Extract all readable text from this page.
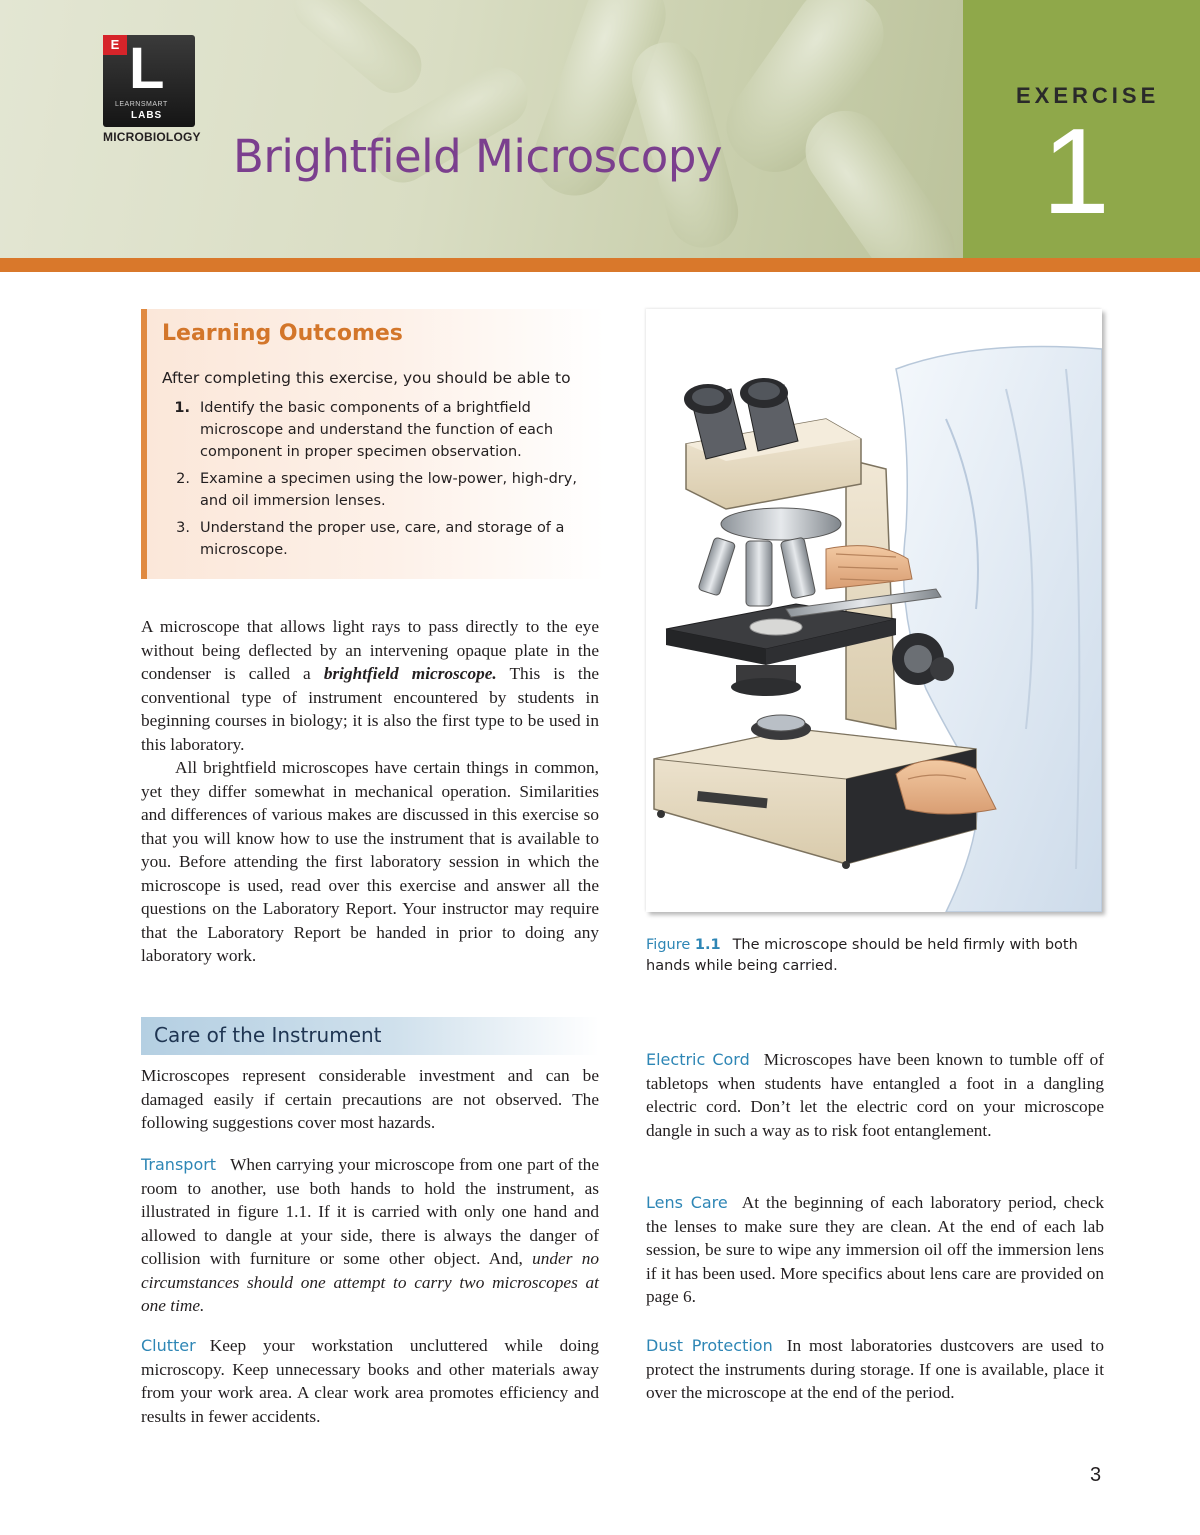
E L
LEARNSMART
LABS
MICROBIOLOGY Brightfield Microscopy
EXERCISE
1
Learning Outcomes
After completing this exercise, you should be able to
1. Identify the basic components of a brightfield microscope and understand the function of each component in proper specimen observation.
2. Examine a specimen using the low-power, high-dry, and oil immersion lenses.
3. Understand the proper use, care, and storage of a microscope.

A microscope that allows light rays to pass directly to the eye without being deflected by an intervening opaque plate in the condenser is called a brightfield microscope. This is the conventional type of instrument encountered by students in beginning courses in biology; it is also the first type to be used in this laboratory.

All brightfield microscopes have certain things in common, yet they differ somewhat in mechanical operation. Similarities and differences of various makes are discussed in this exercise so that you will know how to use the instrument that is available to you. Before attending the first laboratory session in which the microscope is used, read over this exercise and answer all the questions on the Laboratory Report. Your instructor may require that the Laboratory Report be handed in prior to doing any laboratory work.

Care of the Instrument

Microscopes represent considerable investment and can be damaged easily if certain precautions are not observed. The following suggestions cover most hazards.

Transport When carrying your microscope from one part of the room to another, use both hands to hold the instrument, as illustrated in figure 1.1. If it is carried with only one hand and allowed to dangle at your side, there is always the danger of collision with furniture or some other object. And, under no circumstances should one attempt to carry two microscopes at one time.

Clutter Keep your workstation uncluttered while doing microscopy. Keep unnecessary books and other materials away from your work area. A clear work area promotes efficiency and results in fewer accidents.

Figure 1.1 The microscope should be held firmly with both hands while being carried.

Electric Cord Microscopes have been known to tumble off of tabletops when students have entangled a foot in a dangling electric cord. Don’t let the electric cord on your microscope dangle in such a way as to risk foot entanglement.

Lens Care At the beginning of each laboratory period, check the lenses to make sure they are clean. At the end of each lab session, be sure to wipe any immersion oil off the immersion lens if it has been used. More specifics about lens care are provided on page 6.

Dust Protection In most laboratories dustcovers are used to protect the instruments during storage. If one is available, place it over the microscope at the end of the period.

3
